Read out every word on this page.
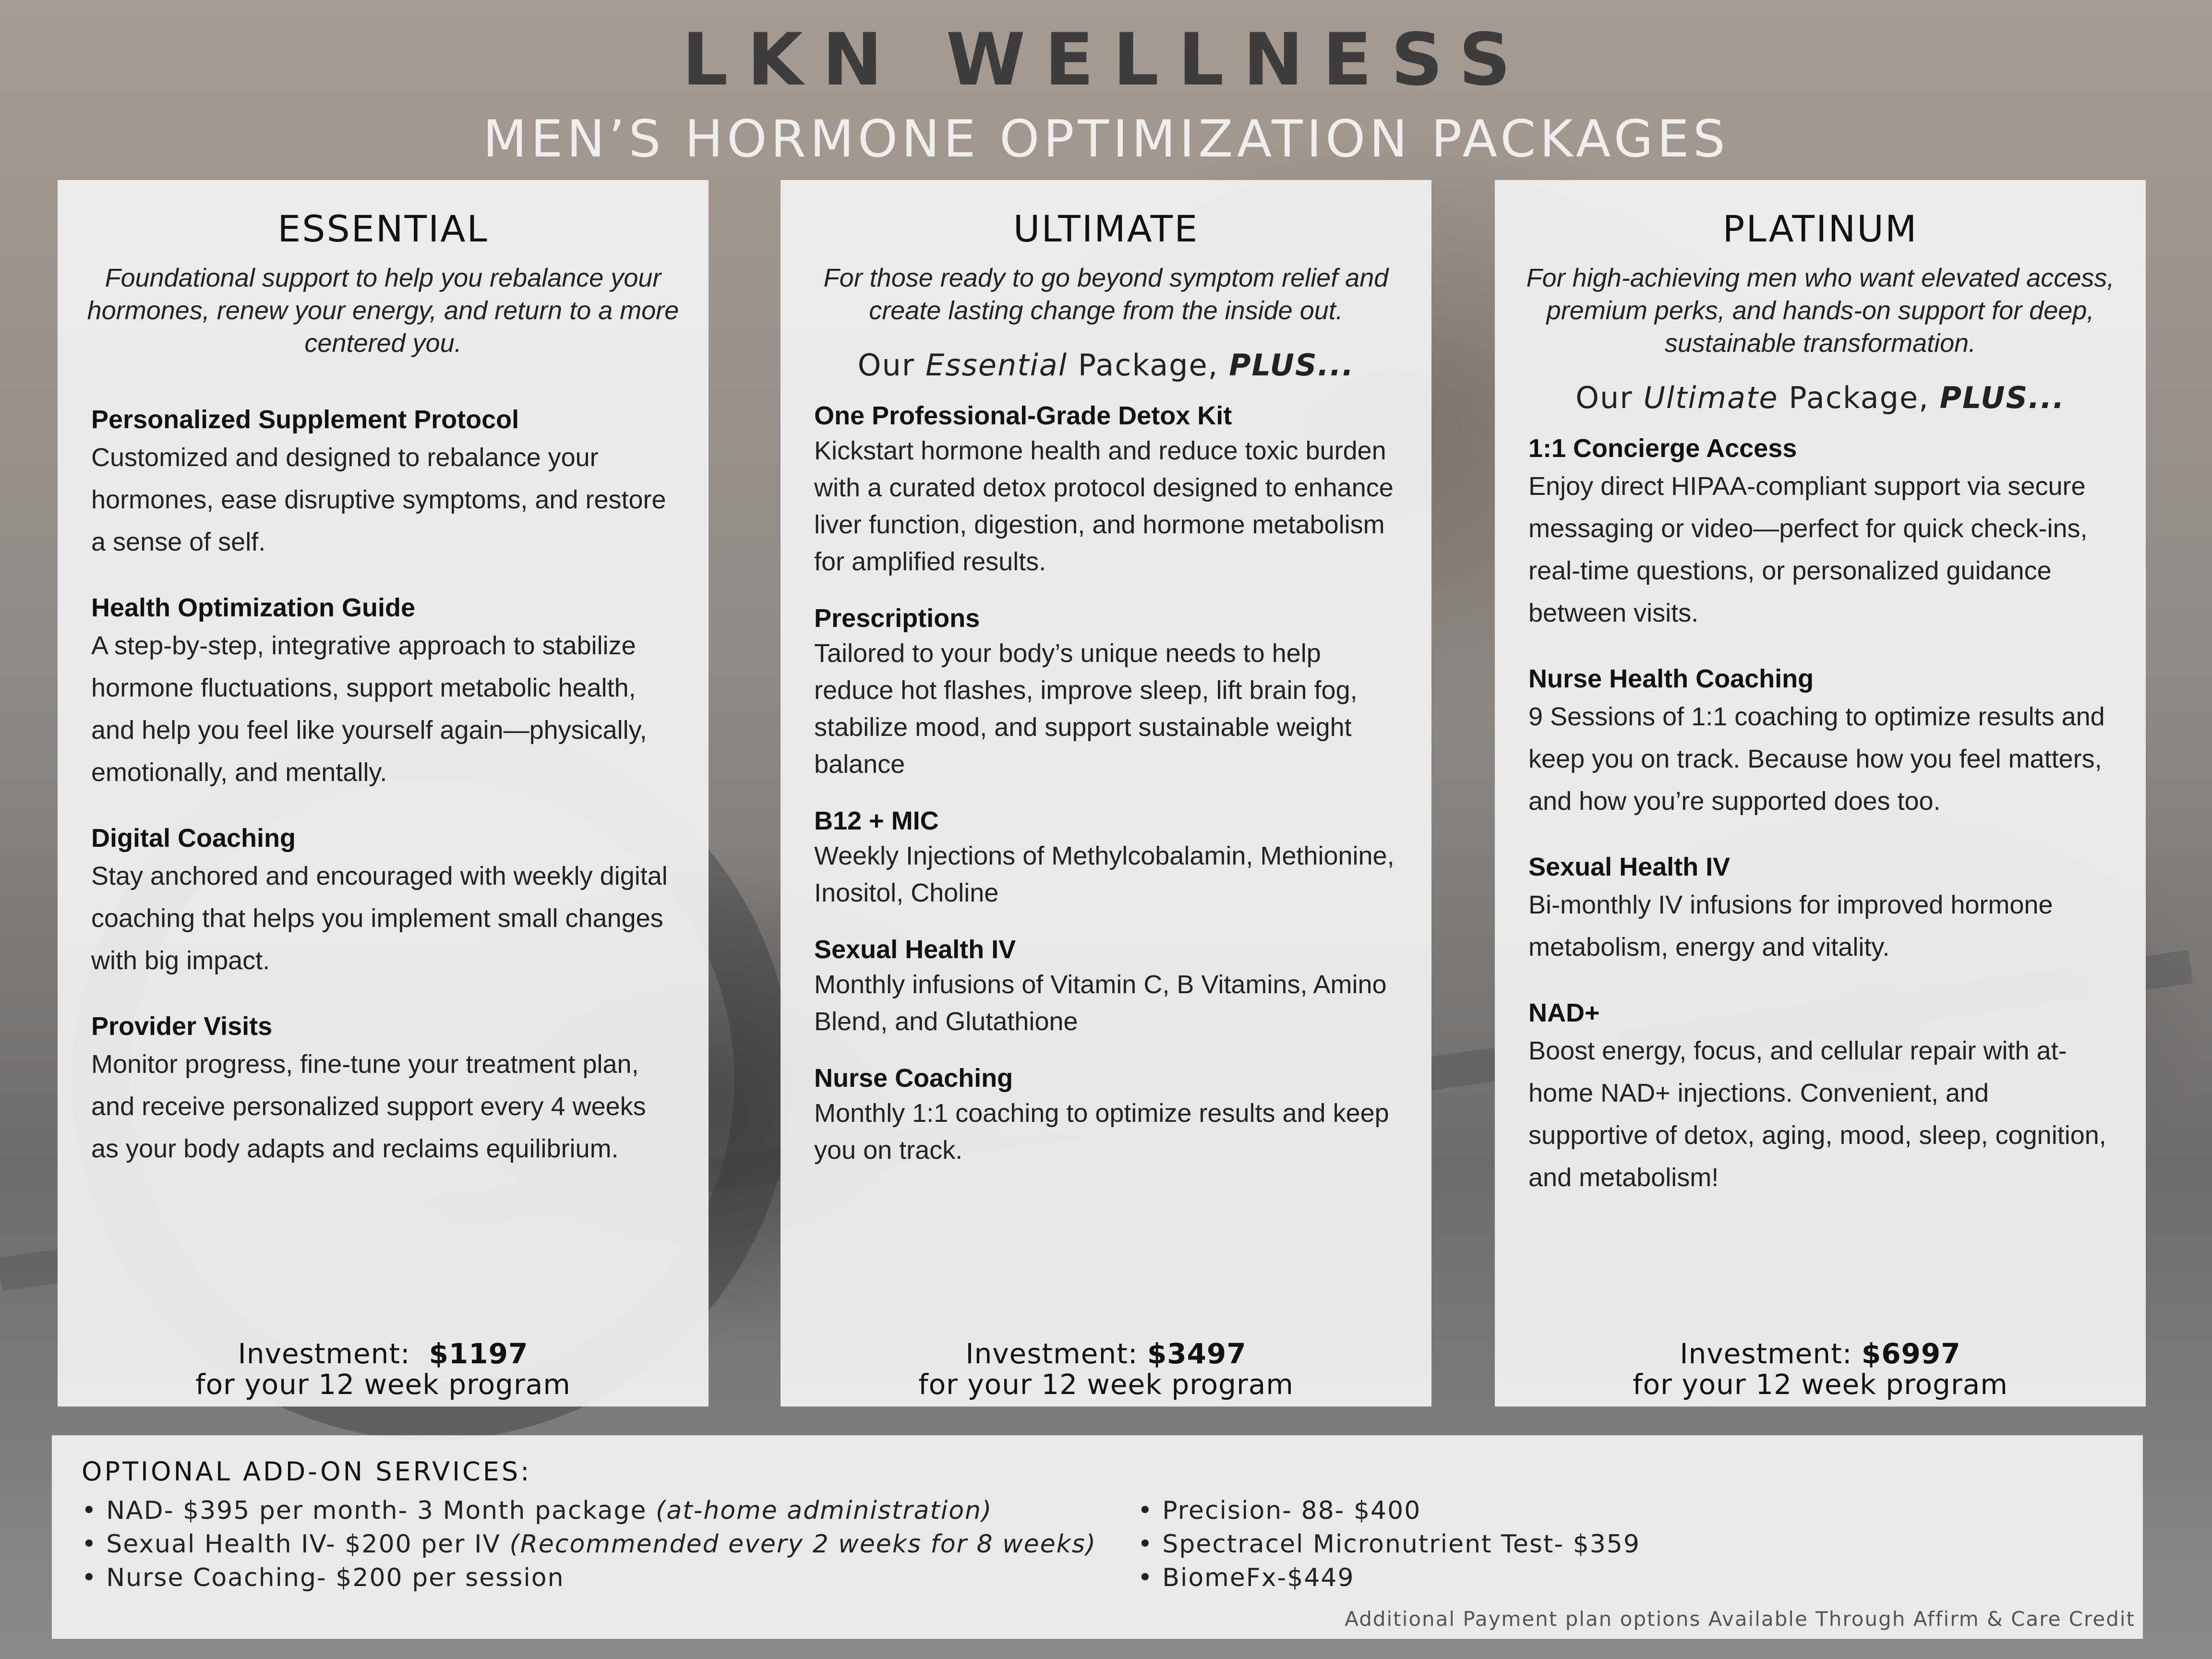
LKN WELLNESS
MEN’S HORMONE OPTIMIZATION PACKAGES
ESSENTIAL
Foundational support to help you rebalance your hormones, renew your energy, and return to a more centered you.
Personalized Supplement Protocol
Customized and designed to rebalance your hormones, ease disruptive symptoms, and restore a sense of self.
Health Optimization Guide
A step-by-step, integrative approach to stabilize hormone fluctuations, support metabolic health, and help you feel like yourself again—physically, emotionally, and mentally.
Digital Coaching
Stay anchored and encouraged with weekly digital coaching that helps you implement small changes with big impact.
Provider Visits
Monitor progress, fine-tune your treatment plan, and receive personalized support every 4 weeks as your body adapts and reclaims equilibrium.
Investment: $1197
for your 12 week program
ULTIMATE
For those ready to go beyond symptom relief and create lasting change from the inside out.
Our Essential Package, PLUS...
One Professional-Grade Detox Kit
Kickstart hormone health and reduce toxic burden with a curated detox protocol designed to enhance liver function, digestion, and hormone metabolism for amplified results.
Prescriptions
Tailored to your body’s unique needs to help reduce hot flashes, improve sleep, lift brain fog, stabilize mood, and support sustainable weight balance
B12 + MIC
Weekly Injections of Methylcobalamin, Methionine, Inositol, Choline
Sexual Health IV
Monthly infusions of Vitamin C, B Vitamins, Amino Blend, and Glutathione
Nurse Coaching
Monthly 1:1 coaching to optimize results and keep you on track.
Investment: $3497
for your 12 week program
PLATINUM
For high-achieving men who want elevated access, premium perks, and hands-on support for deep, sustainable transformation.
Our Ultimate Package, PLUS...
1:1 Concierge Access
Enjoy direct HIPAA-compliant support via secure messaging or video—perfect for quick check-ins, real-time questions, or personalized guidance between visits.
Nurse Health Coaching
9 Sessions of 1:1 coaching to optimize results and keep you on track. Because how you feel matters, and how you’re supported does too.
Sexual Health IV
Bi-monthly IV infusions for improved hormone metabolism, energy and vitality.
NAD+
Boost energy, focus, and cellular repair with at-home NAD+ injections. Convenient, and supportive of detox, aging, mood, sleep, cognition, and metabolism!
Investment: $6997
for your 12 week program
OPTIONAL ADD-ON SERVICES:
• NAD- $395 per month- 3 Month package (at-home administration)
• Sexual Health IV- $200 per IV (Recommended every 2 weeks for 8 weeks)
• Nurse Coaching- $200 per session
• Precision- 88- $400
• Spectracel Micronutrient Test- $359
• BiomeFx-$449
Additional Payment plan options Available Through Affirm & Care Credit
